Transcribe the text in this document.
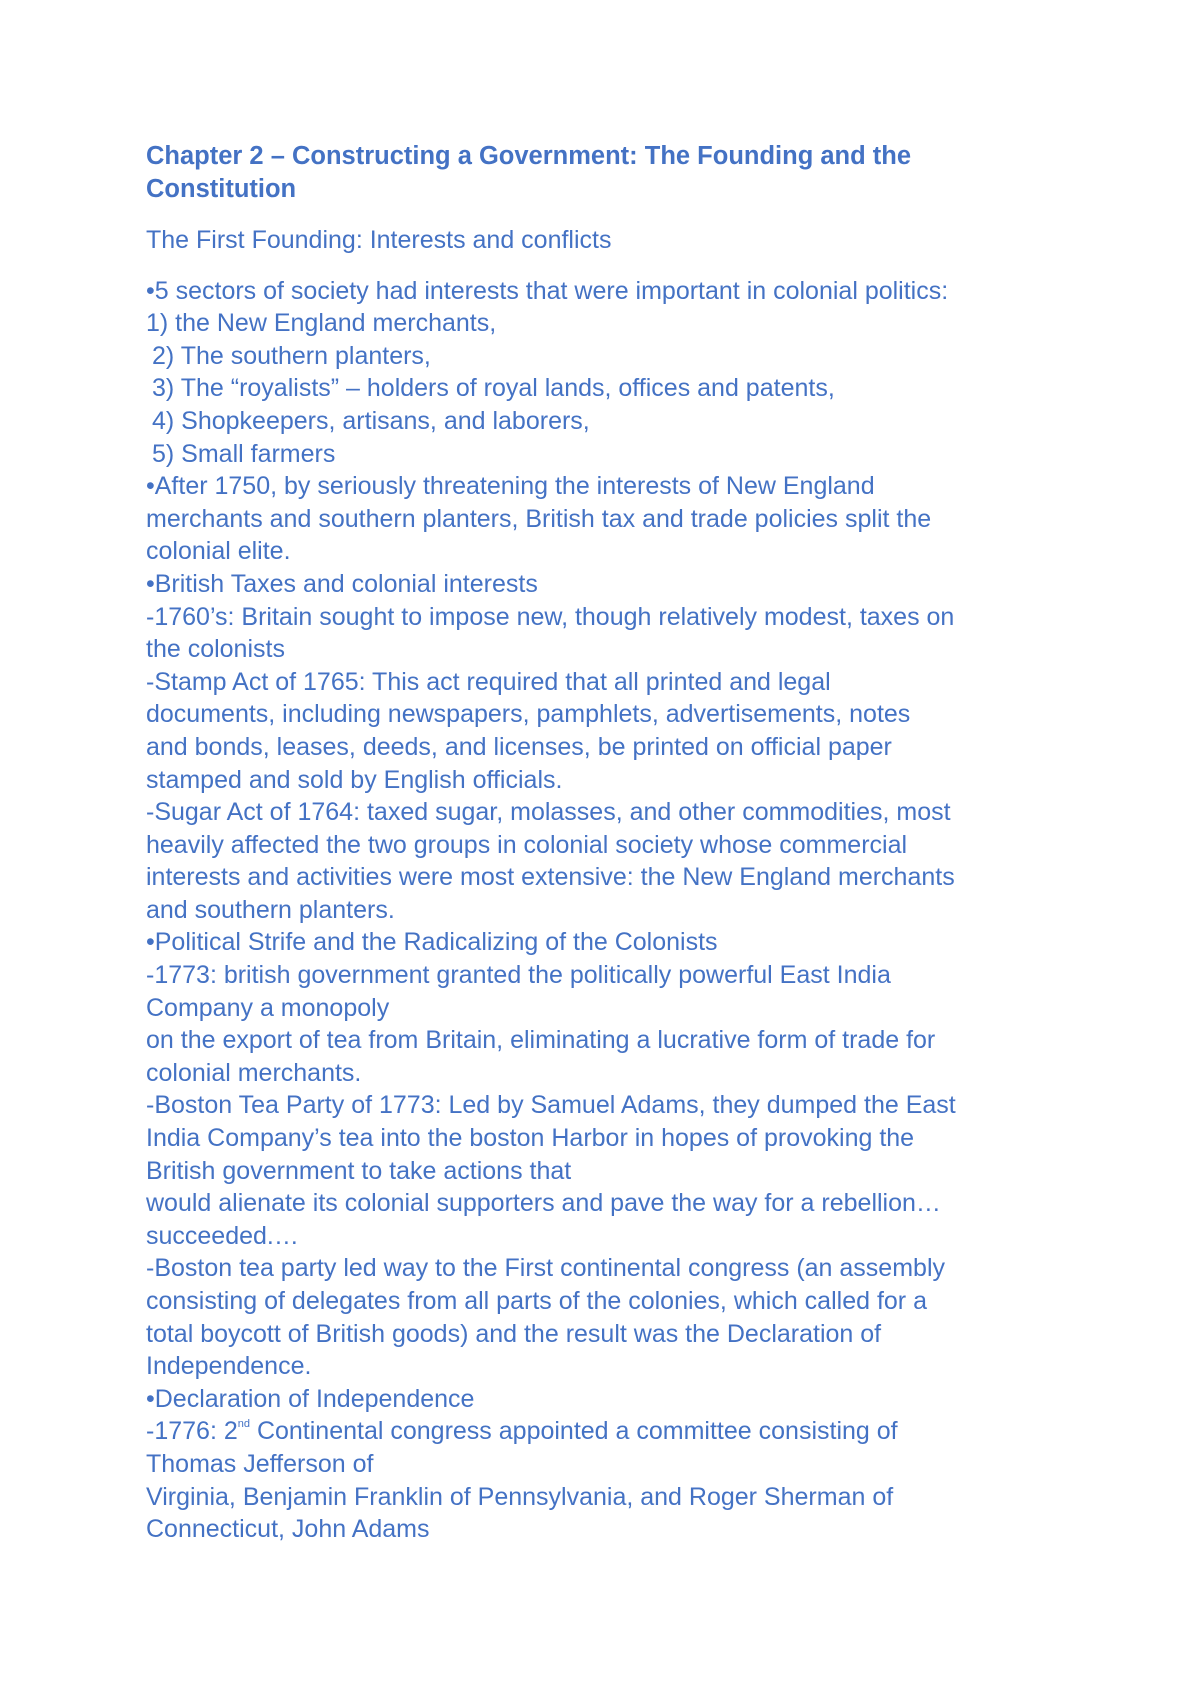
Chapter 2 – Constructing a Government: The Founding and the
Constitution
The First Founding: Interests and conflicts
•5 sectors of society had interests that were important in colonial politics:
1) the New England merchants,
2) The southern planters,
3) The “royalists” – holders of royal lands, offices and patents,
4) Shopkeepers, artisans, and laborers,
5) Small farmers
•After 1750, by seriously threatening the interests of New England
merchants and southern planters, British tax and trade policies split the
colonial elite.
•British Taxes and colonial interests
-1760’s: Britain sought to impose new, though relatively modest, taxes on
the colonists
-Stamp Act of 1765: This act required that all printed and legal
documents, including newspapers, pamphlets, advertisements, notes
and bonds, leases, deeds, and licenses, be printed on official paper
stamped and sold by English officials.
-Sugar Act of 1764: taxed sugar, molasses, and other commodities, most
heavily affected the two groups in colonial society whose commercial
interests and activities were most extensive: the New England merchants
and southern planters.
•Political Strife and the Radicalizing of the Colonists
-1773: british government granted the politically powerful East India
Company a monopoly
on the export of tea from Britain, eliminating a lucrative form of trade for
colonial merchants.
-Boston Tea Party of 1773: Led by Samuel Adams, they dumped the East
India Company’s tea into the boston Harbor in hopes of provoking the
British government to take actions that
would alienate its colonial supporters and pave the way for a rebellion…
succeeded.…
-Boston tea party led way to the First continental congress (an assembly
consisting of delegates from all parts of the colonies, which called for a
total boycott of British goods) and the result was the Declaration of
Independence.
•Declaration of Independence
-1776: 2nd Continental congress appointed a committee consisting of
Thomas Jefferson of
Virginia, Benjamin Franklin of Pennsylvania, and Roger Sherman of
Connecticut, John Adams
